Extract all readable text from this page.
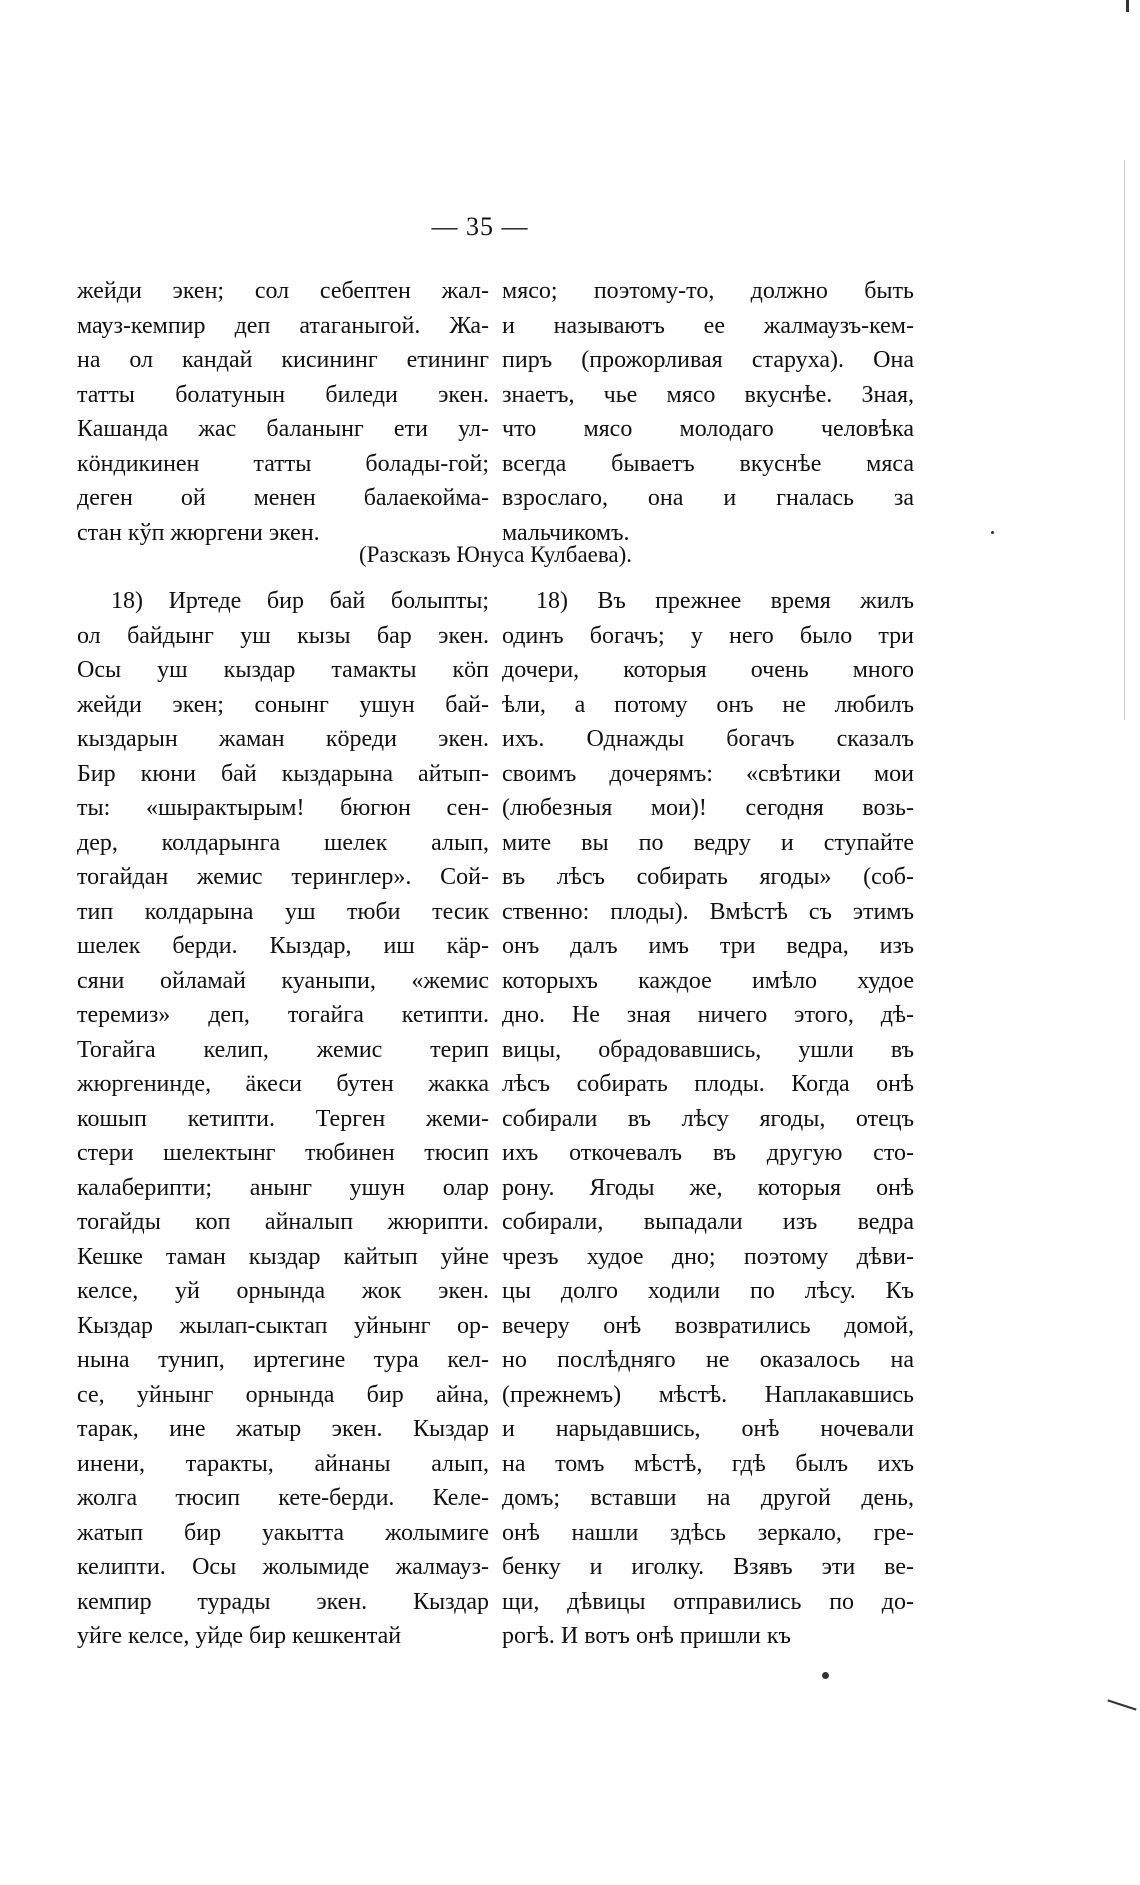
— 35 —
жейди экен; сол себептен жал-
мауз-кемпир деп атаганыгой. Жа-
на ол кандай кисининг етининг
татты болатунын биледи экен.
Кашанда жас баланынг ети ул-
кöндикинен татты болады-гой;
деген ой менен балаекойма-
стан кўп жюргени экен.
мясо; поэтому-то, должно быть
и называютъ ее жалмаузъ-кем-
пиръ (прожорливая старуха). Она
знаетъ, чье мясо вкуснѣе. Зная,
что мясо молодаго человѣка
всегда бываетъ вкуснѣе мяса
взрослаго, она и гналась за
мальчикомъ.
(Разсказъ Юнуса Кулбаева).
18) Иртеде бир бай болыпты;
ол байдынг уш кызы бар экен.
Осы уш кыздар тамакты кöп
жейди экен; сонынг ушун бай-
кыздарын жаман кöреди экен.
Бир кюни бай кыздарына айтып-
ты: «шырактырым! бюгюн сен-
дер, колдарынга шелек алып,
тогайдан жемис теринглер». Сой-
тип колдарына уш тюби тесик
шелек берди. Кыздар, иш кäр-
сяни ойламай куаныпи, «жемис
теремиз» деп, тогайга кетипти.
Тогайга келип, жемис терип
жюргенинде, äкеси бутен жакка
кошып кетипти. Терген жеми-
стери шелектынг тюбинен тюсип
калаберипти; анынг ушун олар
тогайды коп айналып жюрипти.
Кешке таман кыздар кайтып уйне
келсе, уй орнында жок экен.
Кыздар жылап-сыктап уйнынг ор-
нына тунип, иртегине тура кел-
се, уйнынг орнында бир айна,
тарак, ине жатыр экен. Кыздар
инени, таракты, айнаны алып,
жолга тюсип кете-берди. Келе-
жатып бир уакытта жолымиге
келипти. Осы жолымиде жалмауз-
кемпир турады экен. Кыздар
уйге келсе, уйде бир кешкентай
18) Въ прежнее время жилъ
одинъ богачъ; у него было три
дочери, которыя очень много
ѣли, а потому онъ не любилъ
ихъ. Однажды богачъ сказалъ
своимъ дочерямъ: «свѣтики мои
(любезныя мои)! сегодня возь-
мите вы по ведру и ступайте
въ лѣсъ собирать ягоды» (соб-
ственно: плоды). Вмѣстѣ съ этимъ
онъ далъ имъ три ведра, изъ
которыхъ каждое имѣло худое
дно. Не зная ничего этого, дѣ-
вицы, обрадовавшись, ушли въ
лѣсъ собирать плоды. Когда онѣ
собирали въ лѣсу ягоды, отецъ
ихъ откочевалъ въ другую сто-
рону. Ягоды же, которыя онѣ
собирали, выпадали изъ ведра
чрезъ худое дно; поэтому дѣви-
цы долго ходили по лѣсу. Къ
вечеру онѣ возвратились домой,
но послѣдняго не оказалось на
(прежнемъ) мѣстѣ. Наплакавшись
и нарыдавшись, онѣ ночевали
на томъ мѣстѣ, гдѣ былъ ихъ
домъ; вставши на другой день,
онѣ нашли здѣсь зеркало, гре-
бенку и иголку. Взявъ эти ве-
щи, дѣвицы отправились по до-
рогѣ. И вотъ онѣ пришли къ
